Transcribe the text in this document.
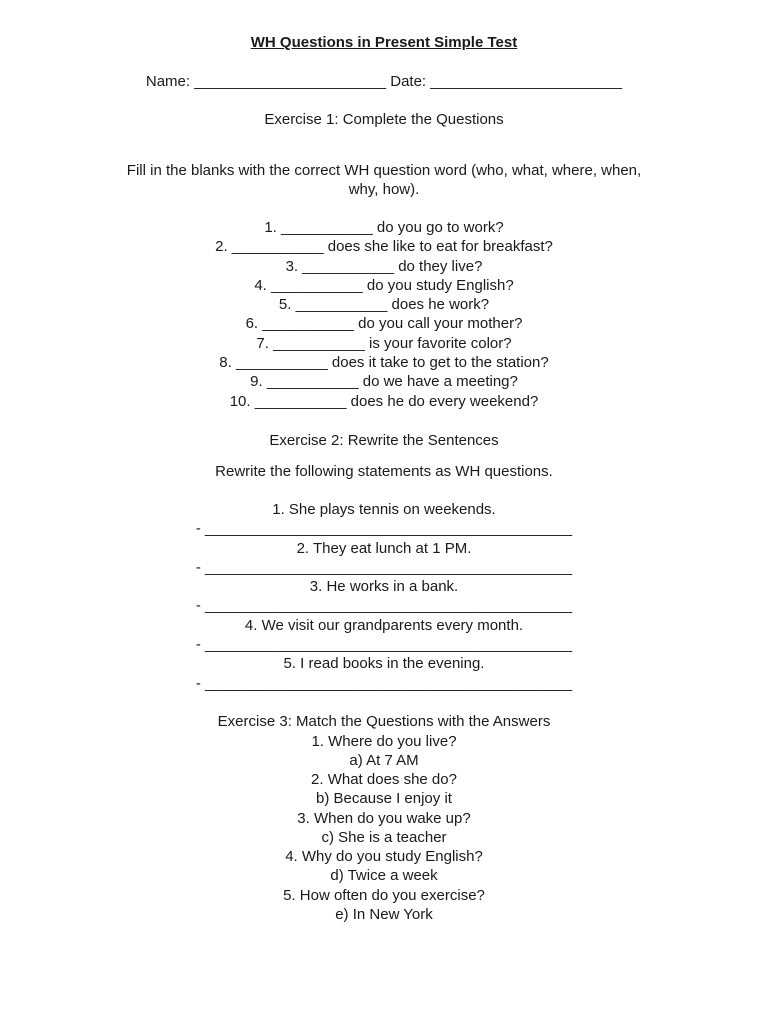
WH Questions in Present Simple Test
Name: _______________________ Date: _______________________
Exercise 1: Complete the Questions
Fill in the blanks with the correct WH question word (who, what, where, when, why, how).
1. ___________ do you go to work?
2. ___________ does she like to eat for breakfast?
3. ___________ do they live?
4. ___________ do you study English?
5. ___________ does he work?
6. ___________ do you call your mother?
7. ___________ is your favorite color?
8. ___________ does it take to get to the station?
9. ___________ do we have a meeting?
10. ___________ does he do every weekend?
Exercise 2: Rewrite the Sentences
Rewrite the following statements as WH questions.
1. She plays tennis on weekends.
- ____________________________________________
2. They eat lunch at 1 PM.
- ____________________________________________
3. He works in a bank.
- ____________________________________________
4. We visit our grandparents every month.
- ____________________________________________
5. I read books in the evening.
- ____________________________________________
Exercise 3: Match the Questions with the Answers
1. Where do you live?
a) At 7 AM
2. What does she do?
b) Because I enjoy it
3. When do you wake up?
c) She is a teacher
4. Why do you study English?
d) Twice a week
5. How often do you exercise?
e) In New York
